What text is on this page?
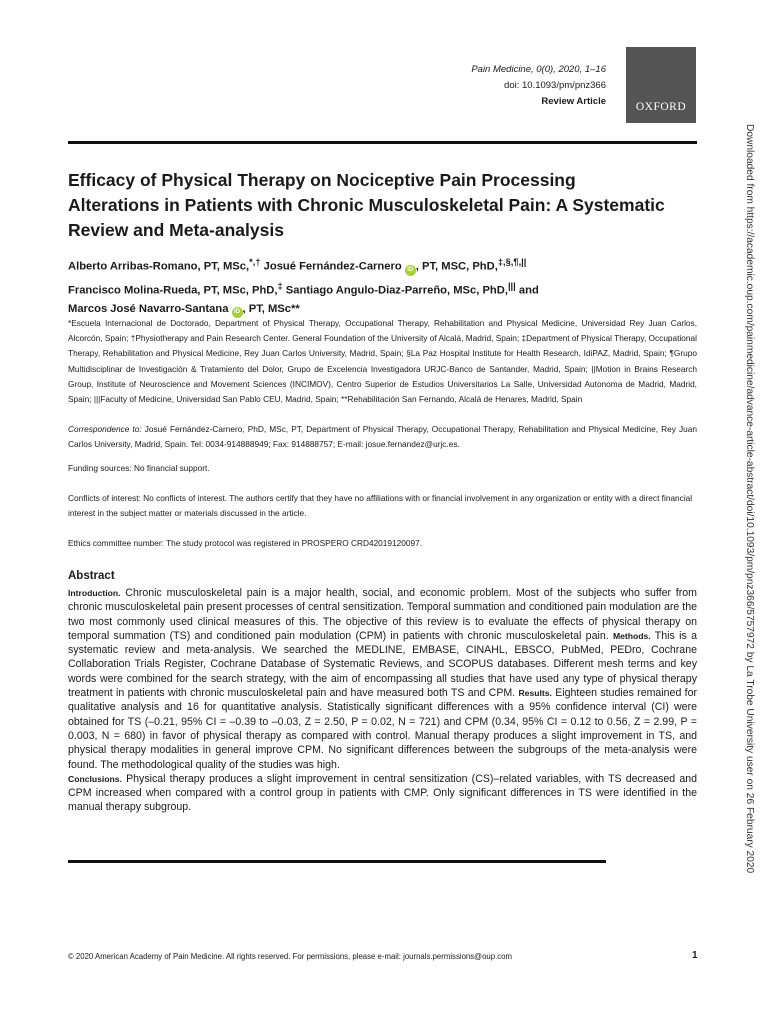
Pain Medicine, 0(0), 2020, 1–16
doi: 10.1093/pm/pnz366
Review Article	OXFORD
Efficacy of Physical Therapy on Nociceptive Pain Processing Alterations in Patients with Chronic Musculoskeletal Pain: A Systematic Review and Meta-analysis
Alberto Arribas-Romano, PT, MSc,*,† Josué Fernández-Carnero iD , PT, MSC, PhD,‡,§,¶,||
Francisco Molina-Rueda, PT, MSc, PhD,‡ Santiago Angulo-Diaz-Parreño, MSc, PhD,||| and
Marcos José Navarro-Santana iD , PT, MSc**
*Escuela Internacional de Doctorado, Department of Physical Therapy, Occupational Therapy, Rehabilitation and Physical Medicine, Universidad Rey Juan Carlos, Alcorcón, Spain; †Physiotherapy and Pain Research Center. General Foundation of the University of Alcalá, Madrid, Spain; ‡Department of Physical Therapy, Occupational Therapy, Rehabilitation and Physical Medicine, Rey Juan Carlos University, Madrid, Spain; §La Paz Hospital Institute for Health Research, IdiPAZ, Madrid, Spain; ¶Grupo Multidisciplinar de Investigación & Tratamiento del Dolor, Grupo de Excelencia Investigadora URJC-Banco de Santander, Madrid, Spain; ||Motion in Brains Research Group, Institute of Neuroscience and Movement Sciences (INCIMOV), Centro Superior de Estudios Universitarios La Salle, Universidad Autonoma de Madrid, Madrid, Spain; |||Faculty of Medicine, Universidad San Pablo CEU, Madrid, Spain; **Rehabilitación San Fernando, Alcalá de Henares, Madrid, Spain
Correspondence to: Josué Fernández-Carnero, PhD, MSc, PT, Department of Physical Therapy, Occupational Therapy, Rehabilitation and Physical Medicine, Rey Juan Carlos University, Madrid, Spain. Tel: 0034-914888949; Fax: 914888757; E-mail: josue.fernandez@urjc.es.
Funding sources: No financial support.
Conflicts of interest: No conflicts of interest. The authors certify that they have no affiliations with or financial involvement in any organization or entity with a direct financial interest in the subject matter or materials discussed in the article.
Ethics committee number: The study protocol was registered in PROSPERO CRD42019120097.
Abstract
Introduction. Chronic musculoskeletal pain is a major health, social, and economic problem. Most of the subjects who suffer from chronic musculoskeletal pain present processes of central sensitization. Temporal summation and conditioned pain modulation are the two most commonly used clinical measures of this. The objective of this review is to evaluate the effects of physical therapy on temporal summation (TS) and conditioned pain modulation (CPM) in patients with chronic musculoskeletal pain. Methods. This is a systematic review and meta-analysis. We searched the MEDLINE, EMBASE, CINAHL, EBSCO, PubMed, PEDro, Cochrane Collaboration Trials Register, Cochrane Database of Systematic Reviews, and SCOPUS databases. Different mesh terms and key words were combined for the search strategy, with the aim of encompassing all studies that have used any type of physical therapy treatment in patients with chronic musculoskeletal pain and have measured both TS and CPM. Results. Eighteen studies remained for qualitative analysis and 16 for quantitative analysis. Statistically significant differences with a 95% confidence interval (CI) were obtained for TS (–0.21, 95% CI = –0.39 to –0.03, Z = 2.50, P = 0.02, N = 721) and CPM (0.34, 95% CI = 0.12 to 0.56, Z = 2.99, P = 0.003, N = 680) in favor of physical therapy as compared with control. Manual therapy produces a slight improvement in TS, and physical therapy modalities in general improve CPM. No significant differences between the subgroups of the meta-analysis were found. The methodological quality of the studies was high.
Conclusions. Physical therapy produces a slight improvement in central sensitization (CS)–related variables, with TS decreased and CPM increased when compared with a control group in patients with CMP. Only significant differences in TS were identified in the manual therapy subgroup.
© 2020 American Academy of Pain Medicine. All rights reserved. For permissions, please e-mail: journals.permissions@oup.com	1
Downloaded from https://academic.oup.com/painmedicine/advance-article-abstract/doi/10.1093/pm/pnz366/5757972 by La Trobe University user on 26 February 2020
